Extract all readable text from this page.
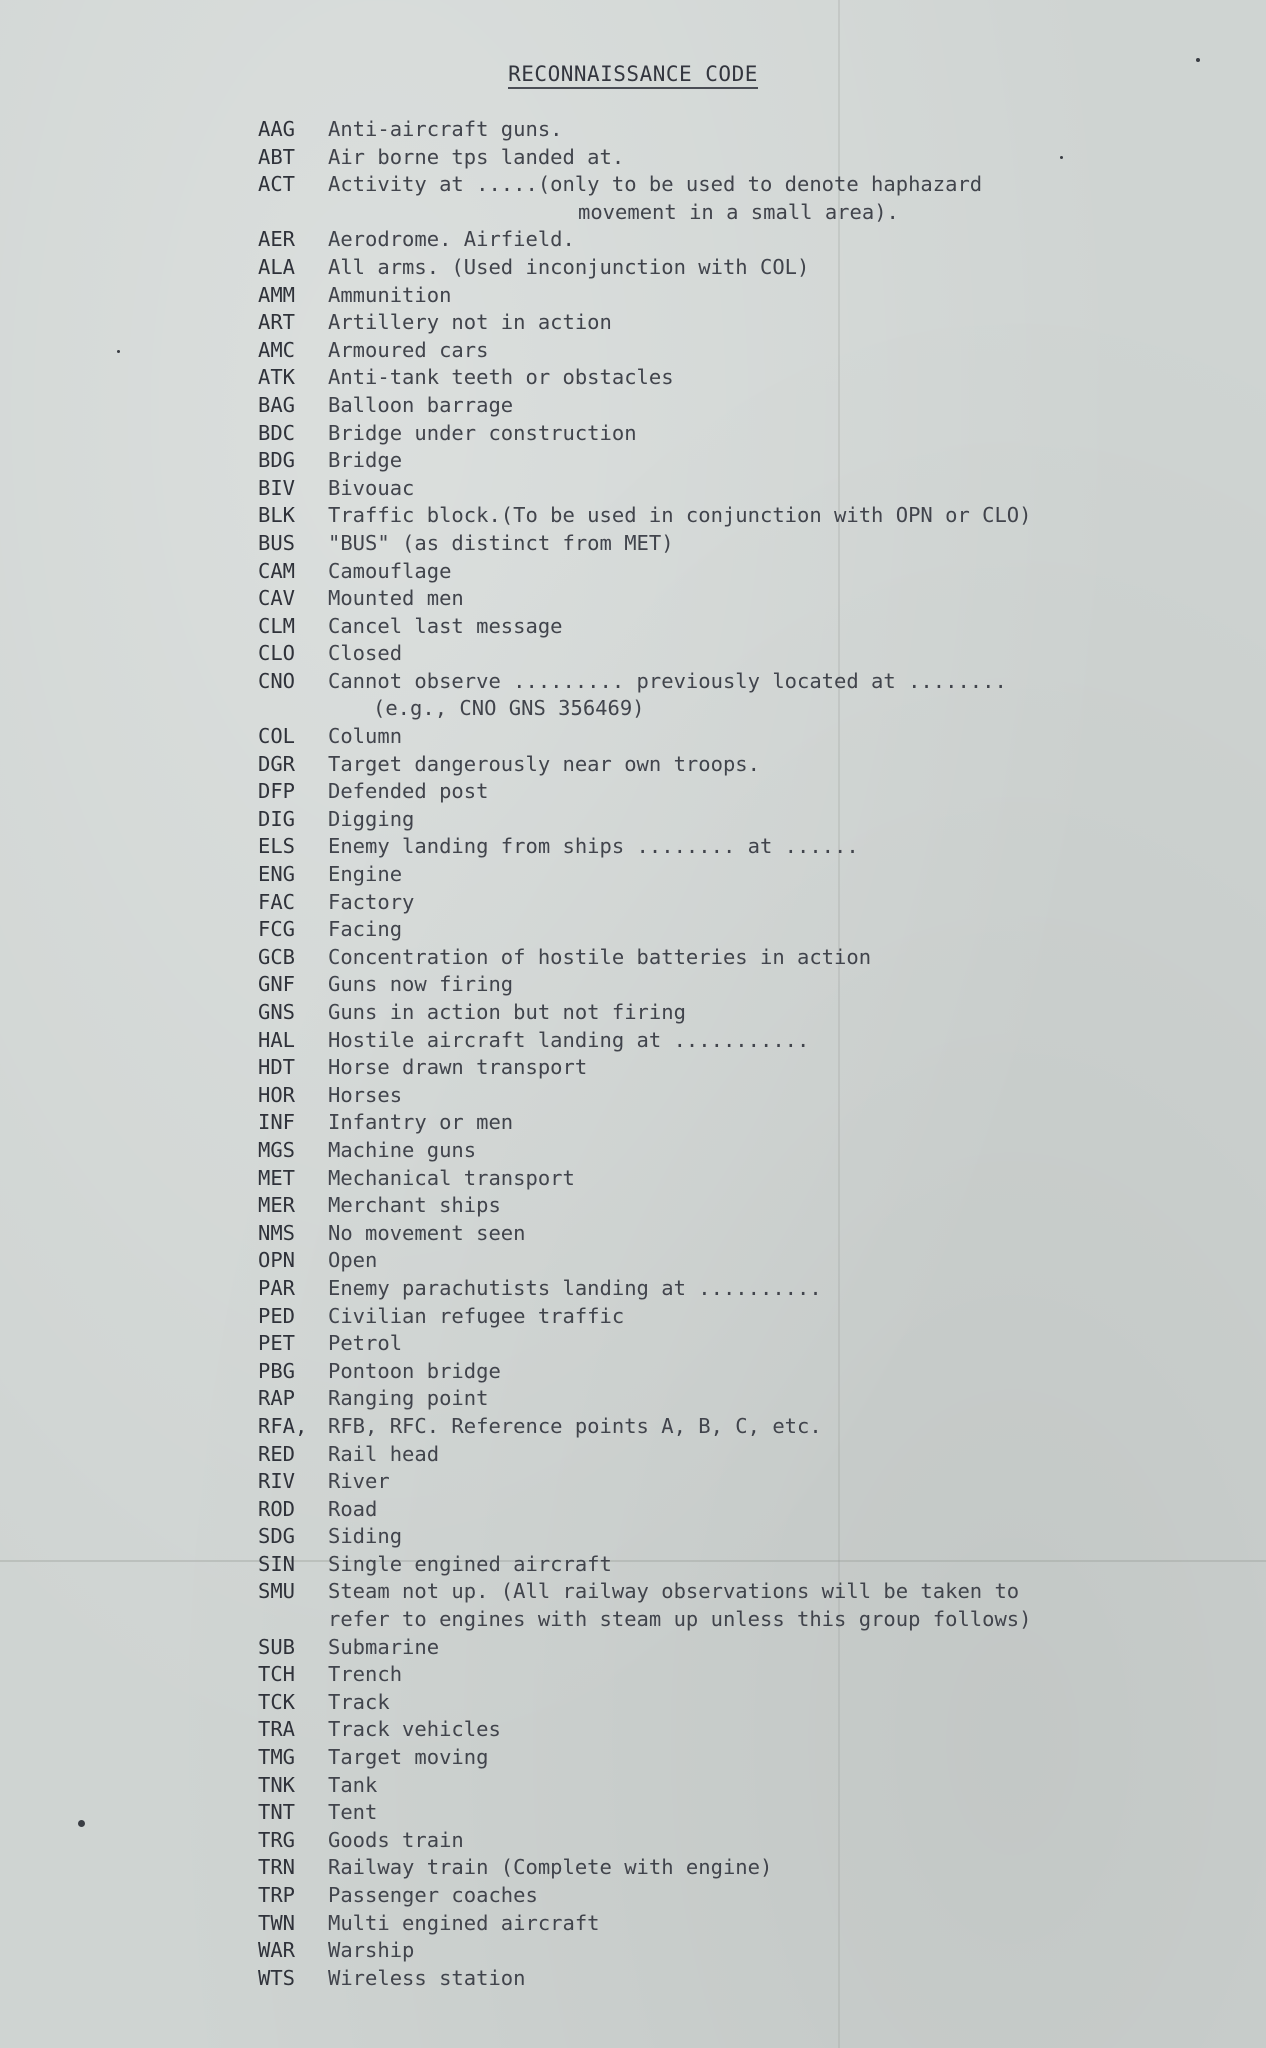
RECONNAISSANCE CODE
AAG	Anti-aircraft guns.
ABT	Air borne tps landed at.
ACT	Activity at .....(only to be used to denote haphazard
movement in a small area).
AER	Aerodrome. Airfield.
ALA	All arms. (Used inconjunction with COL)
AMM	Ammunition
ART	Artillery not in action
AMC	Armoured cars
ATK	Anti-tank teeth or obstacles
BAG	Balloon barrage
BDC	Bridge under construction
BDG	Bridge
BIV	Bivouac
BLK	Traffic block.(To be used in conjunction with OPN or CLO)
BUS	"BUS" (as distinct from MET)
CAM	Camouflage
CAV	Mounted men
CLM	Cancel last message
CLO	Closed
CNO	Cannot observe ......... previously located at ........
(e.g., CNO GNS 356469)
COL	Column
DGR	Target dangerously near own troops.
DFP	Defended post
DIG	Digging
ELS	Enemy landing from ships ........ at ......
ENG	Engine
FAC	Factory
FCG	Facing
GCB	Concentration of hostile batteries in action
GNF	Guns now firing
GNS	Guns in action but not firing
HAL	Hostile aircraft landing at ...........
HDT	Horse drawn transport
HOR	Horses
INF	Infantry or men
MGS	Machine guns
MET	Mechanical transport
MER	Merchant ships
NMS	No movement seen
OPN	Open
PAR	Enemy parachutists landing at ..........
PED	Civilian refugee traffic
PET	Petrol
PBG	Pontoon bridge
RAP	Ranging point
RFA,	RFB, RFC. Reference points A, B, C, etc.
RED	Rail head
RIV	River
ROD	Road
SDG	Siding
SIN	Single engined aircraft
SMU	Steam not up. (All railway observations will be taken to
refer to engines with steam up unless this group follows)
SUB	Submarine
TCH	Trench
TCK	Track
TRA	Track vehicles
TMG	Target moving
TNK	Tank
TNT	Tent
TRG	Goods train
TRN	Railway train (Complete with engine)
TRP	Passenger coaches
TWN	Multi engined aircraft
WAR	Warship
WTS	Wireless station
